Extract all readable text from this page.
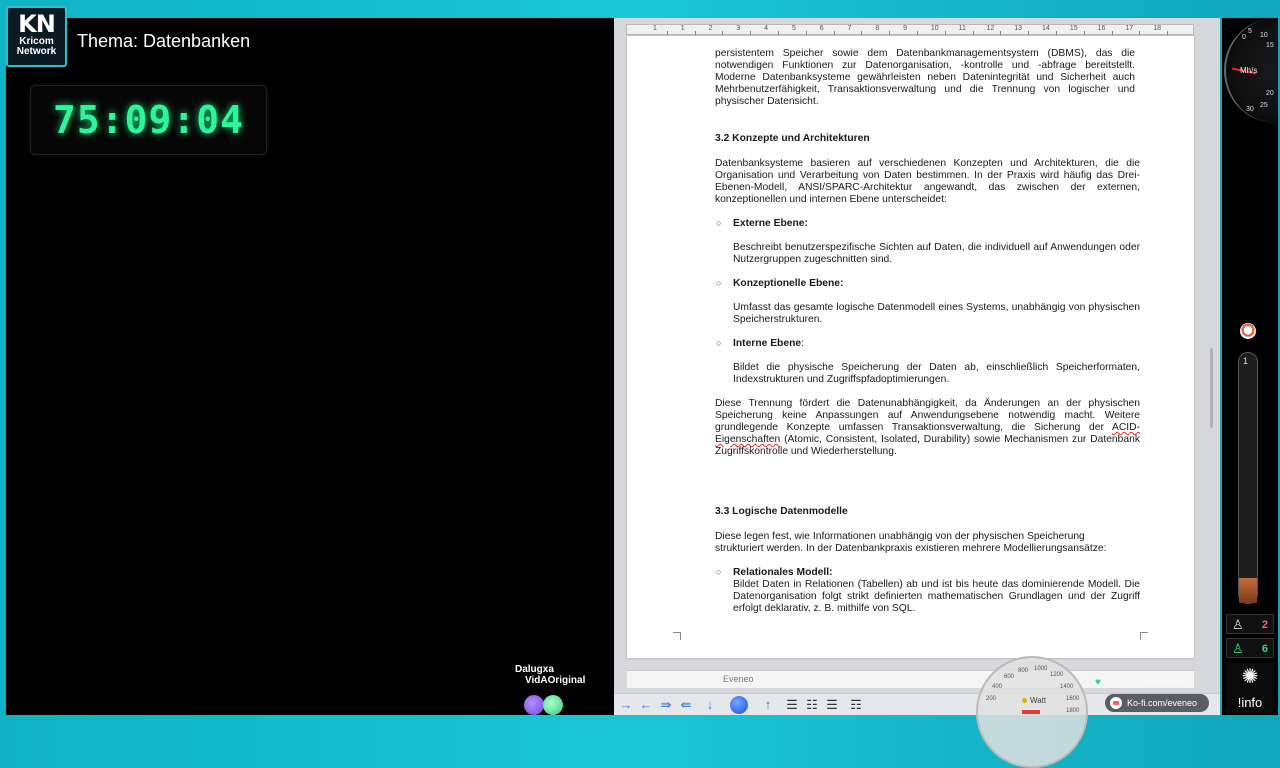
KN
Kricom
Network
Thema: Datenbanken
75:09:04
Dalugxa
VidAOriginal
1	1	2	3	4	5	6	7	8	9	10	11	12	13	14	15	16	17	18
persistentem Speicher sowie dem Datenbankmanagementsystem (DBMS), das die notwendigen Funktionen zur Datenorganisation, -kontrolle und -abfrage bereitstellt. Moderne Datenbanksysteme gewährleisten neben Datenintegrität und Sicherheit auch Mehrbenutzerfähigkeit, Transaktionsverwaltung und die Trennung von logischer und physischer Datensicht.
3.2 Konzepte und Architekturen
Datenbanksysteme basieren auf verschiedenen Konzepten und Architekturen, die die Organisation und Verarbeitung von Daten bestimmen. In der Praxis wird häufig das Drei-Ebenen-Modell, ANSI/SPARC-Architektur angewandt, das zwischen der externen, konzeptionellen und internen Ebene unterscheidet:
○ Externe Ebene:
Beschreibt benutzerspezifische Sichten auf Daten, die individuell auf Anwendungen oder Nutzergruppen zugeschnitten sind.
○ Konzeptionelle Ebene:
Umfasst das gesamte logische Datenmodell eines Systems, unabhängig von physischen Speicherstrukturen.
○ Interne Ebene:
Bildet die physische Speicherung der Daten ab, einschließlich Speicherformaten, Indexstrukturen und Zugriffspfadoptimierungen.
Diese Trennung fördert die Datenunabhängigkeit, da Änderungen an der physischen Speicherung keine Anpassungen auf Anwendungsebene notwendig macht. Weitere grundlegende Konzepte umfassen Transaktionsverwaltung, die Sicherung der ACID-Eigenschaften (Atomic, Consistent, Isolated, Durability) sowie Mechanismen zur Datenbank Zugriffskontrolle und Wiederherstellung.
3.3 Logische Datenmodelle
Diese legen fest, wie Informationen unabhängig von der physischen Speicherung strukturiert werden. In der Datenbankpraxis existieren mehrere Modellierungsansätze:
○ Relationales Modell:
Bildet Daten in Relationen (Tabellen) ab und ist bis heute das dominierende Modell. Die Datenorganisation folgt strikt definierten mathematischen Grundlagen und der Zugriff erfolgt deklarativ, z. B. mithilfe von SQL.
Eveneo
→ ← ⇛ ⇚	↓	↑	☰ ☷ ☰ ☶
600
800 1000
1200
400	1400
200	1600
1800
Watt
♥	VidAOriginal
Ko-fi.com/eveneo
0
5
10
15
20
25
30
Mh/s
1
♙ 2
♙ 6
✺
!info
